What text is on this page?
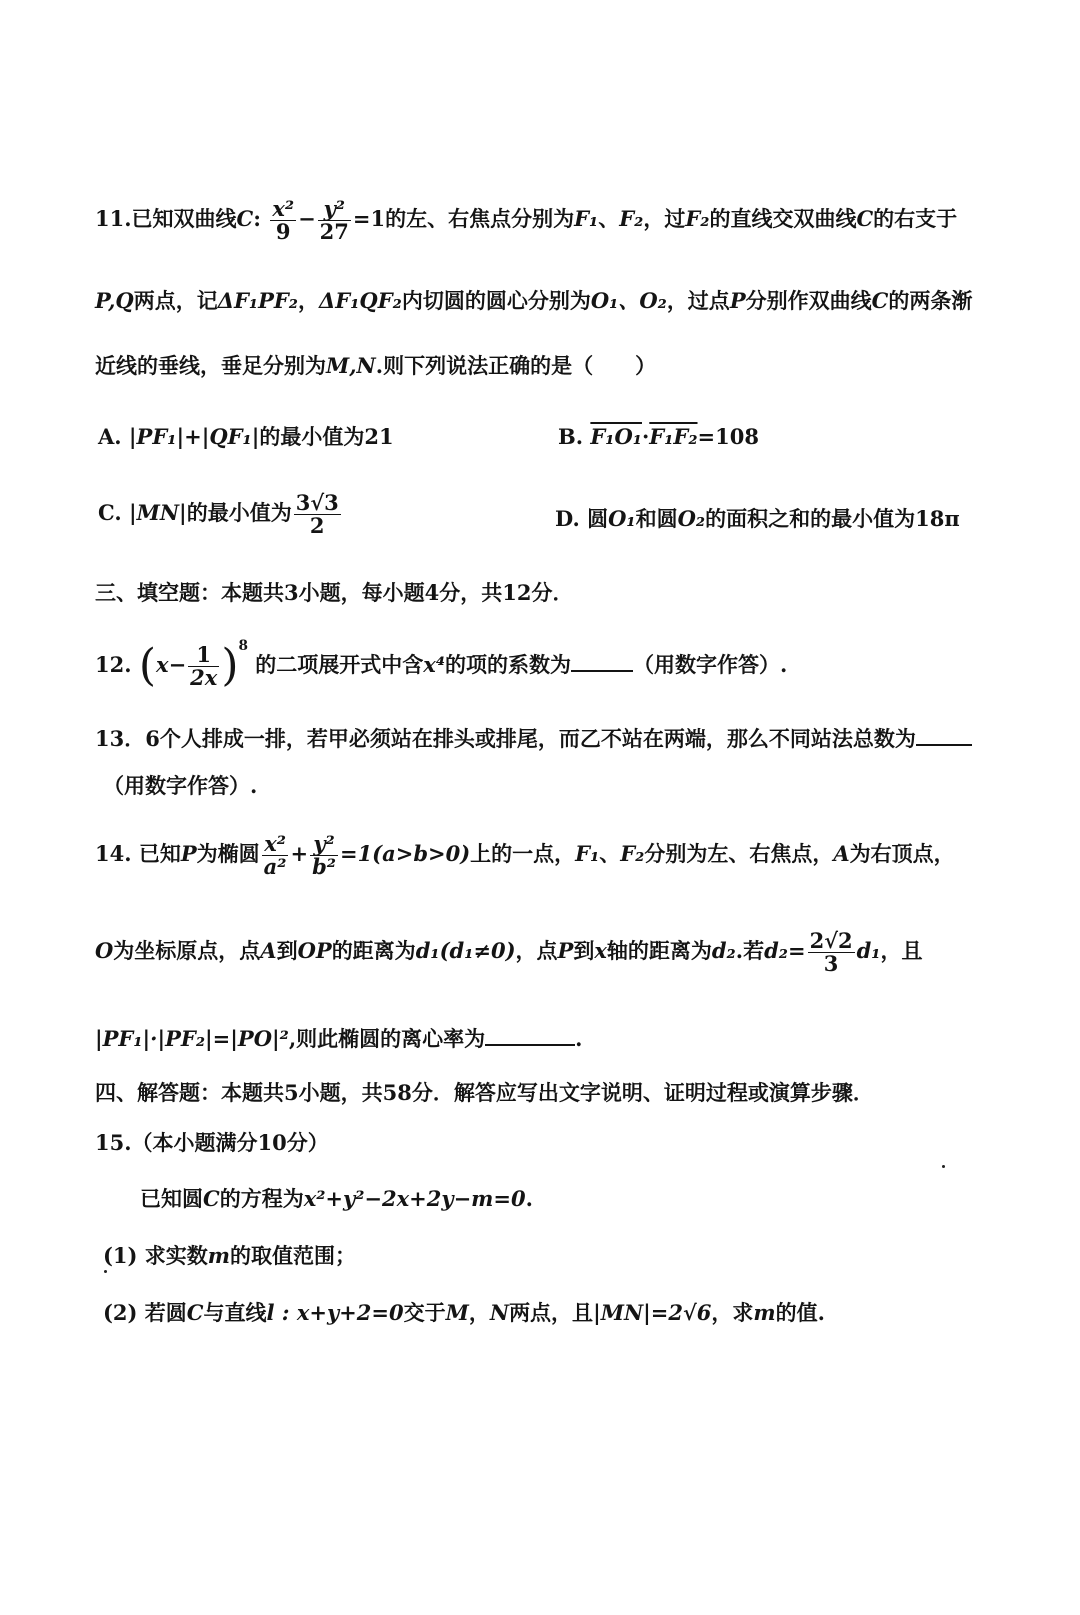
11.已知双曲线C: $\frac{\text{x²}}{9} - \frac{\text{y²}}{27} =1$的左、右焦点分别为F₁、F₂，过F₂的直线交双曲线C的右支于
P,Q两点，记ΔF₁PF₂，ΔF₁QF₂内切圆的圆心分别为O₁、O₂，过点P分别作双曲线C的两条渐
近线的垂线，垂足分别为M,N.则下列说法正确的是（　　）
A. |PF₁|+|QF₁|的最小值为21	B. F₁O₁·F₁F₂=108
C. |MN|的最小值为 $\frac{3√3}{2}$	D. 圆O₁和圆O₂的面积之和的最小值为18π
三、填空题：本题共3小题，每小题4分，共12分．
12. $(x- \frac{1}{2x} )^8$ 的二项展开式中含x⁴的项的系数为	（用数字作答）.
13．6个人排成一排，若甲必须站在排头或排尾，而乙不站在两端，那么不同站法总数为
（用数字作答）.
14. 已知P为椭圆 $\frac{\text{x²}}{\text{a²}} + \frac{\text{y²}}{\text{b²}} =1(a>b>0)$上的一点，F₁、F₂分别为左、右焦点，A为右顶点，
O为坐标原点，点A到OP的距离为d₁(d₁≠0)，点P到x轴的距离为d₂.若$d_2= \frac{2√2}{3} d_1$，且
|PF₁|·|PF₂|=|PO|²,则此椭圆的离心率为	.
四、解答题：本题共5小题，共58分．解答应写出文字说明、证明过程或演算步骤．
15.（本小题满分10分）
已知圆C的方程为x²+y²−2x+2y−m=0.
(1) 求实数m的取值范围；
(2) 若圆C与直线l : x+y+2=0交于M，N两点，且|MN|=2√6，求m的值.
